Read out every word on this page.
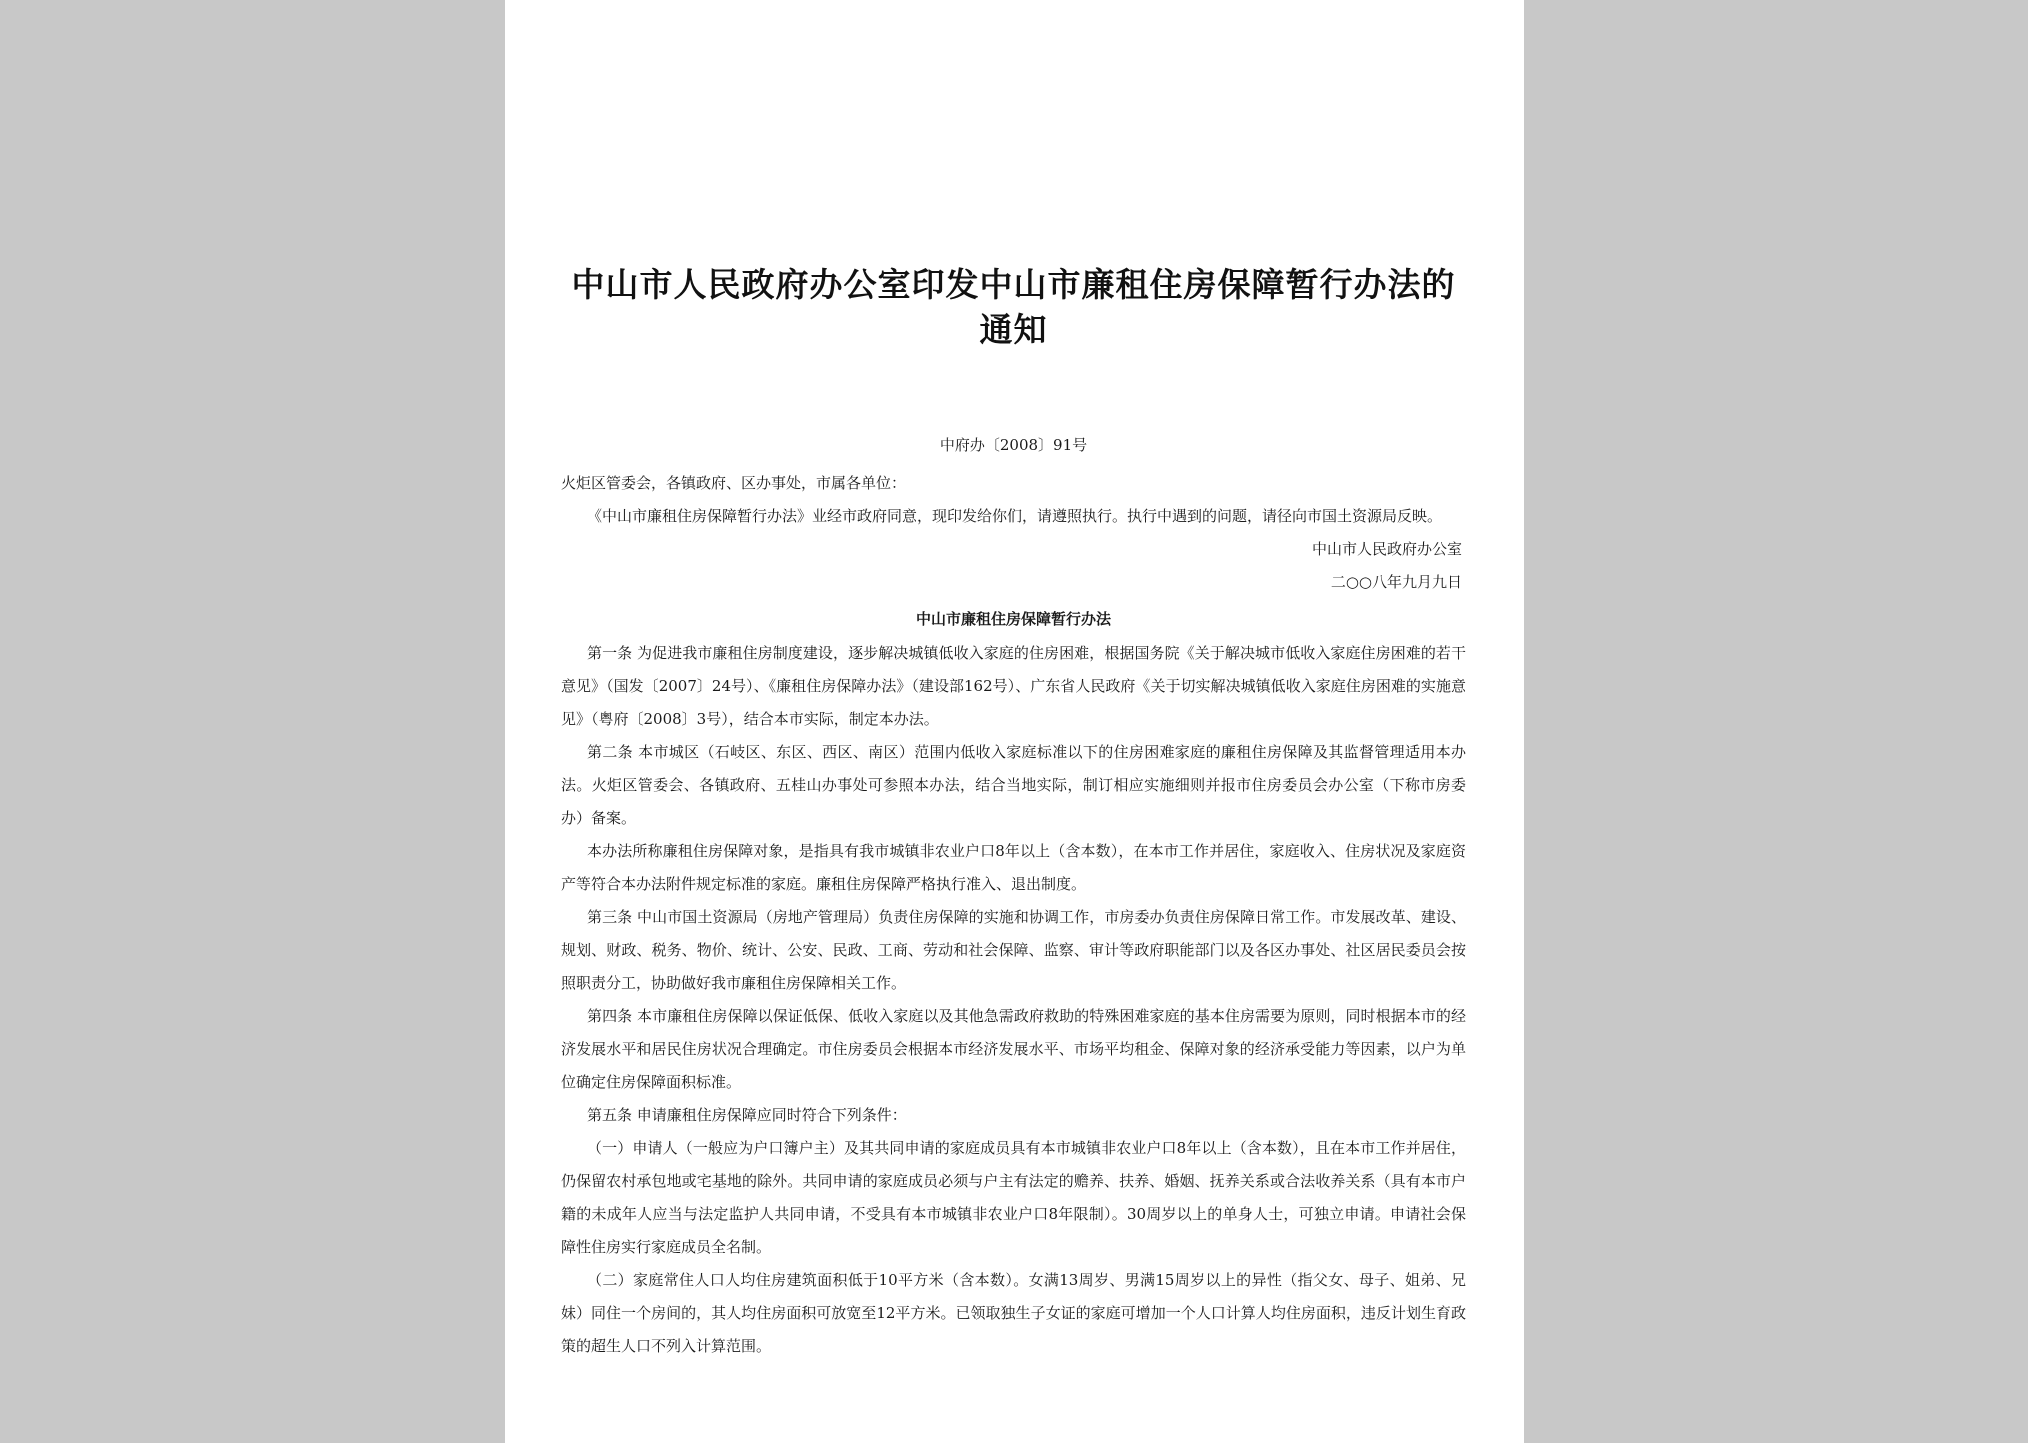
中山市人民政府办公室印发中山市廉租住房保障暂行办法的通知
中府办〔2008〕91号

火炬区管委会，各镇政府、区办事处，市属各单位：

《中山市廉租住房保障暂行办法》业经市政府同意，现印发给你们，请遵照执行。执行中遇到的问题，请径向市国土资源局反映。

中山市人民政府办公室

二○○八年九月九日

中山市廉租住房保障暂行办法

第一条 为促进我市廉租住房制度建设，逐步解决城镇低收入家庭的住房困难，根据国务院《关于解决城市低收入家庭住房困难的若干意见》（国发〔2007〕24号）、《廉租住房保障办法》（建设部162号）、广东省人民政府《关于切实解决城镇低收入家庭住房困难的实施意见》（粤府〔2008〕3号），结合本市实际，制定本办法。

第二条 本市城区（石岐区、东区、西区、南区）范围内低收入家庭标准以下的住房困难家庭的廉租住房保障及其监督管理适用本办法。火炬区管委会、各镇政府、五桂山办事处可参照本办法，结合当地实际，制订相应实施细则并报市住房委员会办公室（下称市房委办）备案。

本办法所称廉租住房保障对象，是指具有我市城镇非农业户口8年以上（含本数），在本市工作并居住，家庭收入、住房状况及家庭资产等符合本办法附件规定标准的家庭。廉租住房保障严格执行准入、退出制度。

第三条 中山市国土资源局（房地产管理局）负责住房保障的实施和协调工作，市房委办负责住房保障日常工作。市发展改革、建设、规划、财政、税务、物价、统计、公安、民政、工商、劳动和社会保障、监察、审计等政府职能部门以及各区办事处、社区居民委员会按照职责分工，协助做好我市廉租住房保障相关工作。

第四条 本市廉租住房保障以保证低保、低收入家庭以及其他急需政府救助的特殊困难家庭的基本住房需要为原则，同时根据本市的经济发展水平和居民住房状况合理确定。市住房委员会根据本市经济发展水平、市场平均租金、保障对象的经济承受能力等因素，以户为单位确定住房保障面积标准。

第五条 申请廉租住房保障应同时符合下列条件：

（一）申请人（一般应为户口簿户主）及其共同申请的家庭成员具有本市城镇非农业户口8年以上（含本数），且在本市工作并居住，仍保留农村承包地或宅基地的除外。共同申请的家庭成员必须与户主有法定的赡养、扶养、婚姻、抚养关系或合法收养关系（具有本市户籍的未成年人应当与法定监护人共同申请，不受具有本市城镇非农业户口8年限制）。30周岁以上的单身人士，可独立申请。申请社会保障性住房实行家庭成员全名制。

（二）家庭常住人口人均住房建筑面积低于10平方米（含本数）。女满13周岁、男满15周岁以上的异性（指父女、母子、姐弟、兄妹）同住一个房间的，其人均住房面积可放宽至12平方米。已领取独生子女证的家庭可增加一个人口计算人均住房面积，违反计划生育政策的超生人口不列入计算范围。
